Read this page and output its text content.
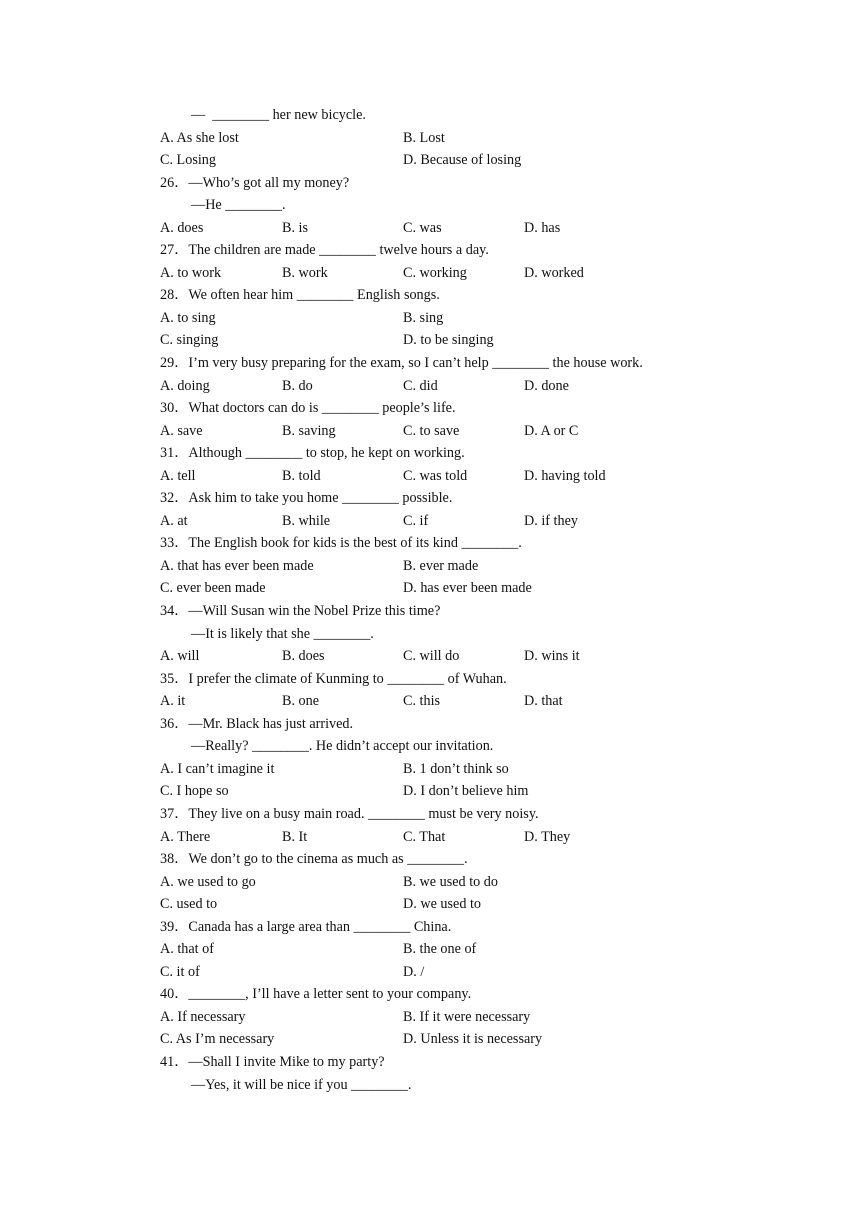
—  ________ her new bicycle.
A. As she lost	B. Lost
C. Losing	D. Because of losing
26．—Who’s got all my money?
—He ________.
A. does	B. is	C. was	D. has
27．The children are made ________ twelve hours a day.
A. to work	B. work	C. working	D. worked
28．We often hear him ________ English songs.
A. to sing	B. sing
C. singing	D. to be singing
29．I’m very busy preparing for the exam, so I can’t help ________ the house work.
A. doing	B. do	C. did	D. done
30．What doctors can do is ________ people’s life.
A. save	B. saving	C. to save	D. A or C
31．Although ________ to stop, he kept on working.
A. tell	B. told	C. was told	D. having told
32．Ask him to take you home ________ possible.
A. at	B. while	C. if	D. if they
33．The English book for kids is the best of its kind ________.
A. that has ever been made	B. ever made
C. ever been made	D. has ever been made
34．—Will Susan win the Nobel Prize this time?
—It is likely that she ________.
A. will	B. does	C. will do	D. wins it
35．I prefer the climate of Kunming to ________ of Wuhan.
A. it	B. one	C. this	D. that
36．—Mr. Black has just arrived.
—Really? ________. He didn’t accept our invitation.
A. I can’t imagine it	B. 1 don’t think so
C. I hope so	D. I don’t believe him
37．They live on a busy main road. ________ must be very noisy.
A. There	B. It	C. That	D. They
38．We don’t go to the cinema as much as ________.
A. we used to go	B. we used to do
C. used to	D. we used to
39．Canada has a large area than ________ China.
A. that of	B. the one of
C. it of	D. /
40．________, I’ll have a letter sent to your company.
A. If necessary	B. If it were necessary
C. As I’m necessary	D. Unless it is necessary
41．—Shall I invite Mike to my party?
—Yes, it will be nice if you ________.
